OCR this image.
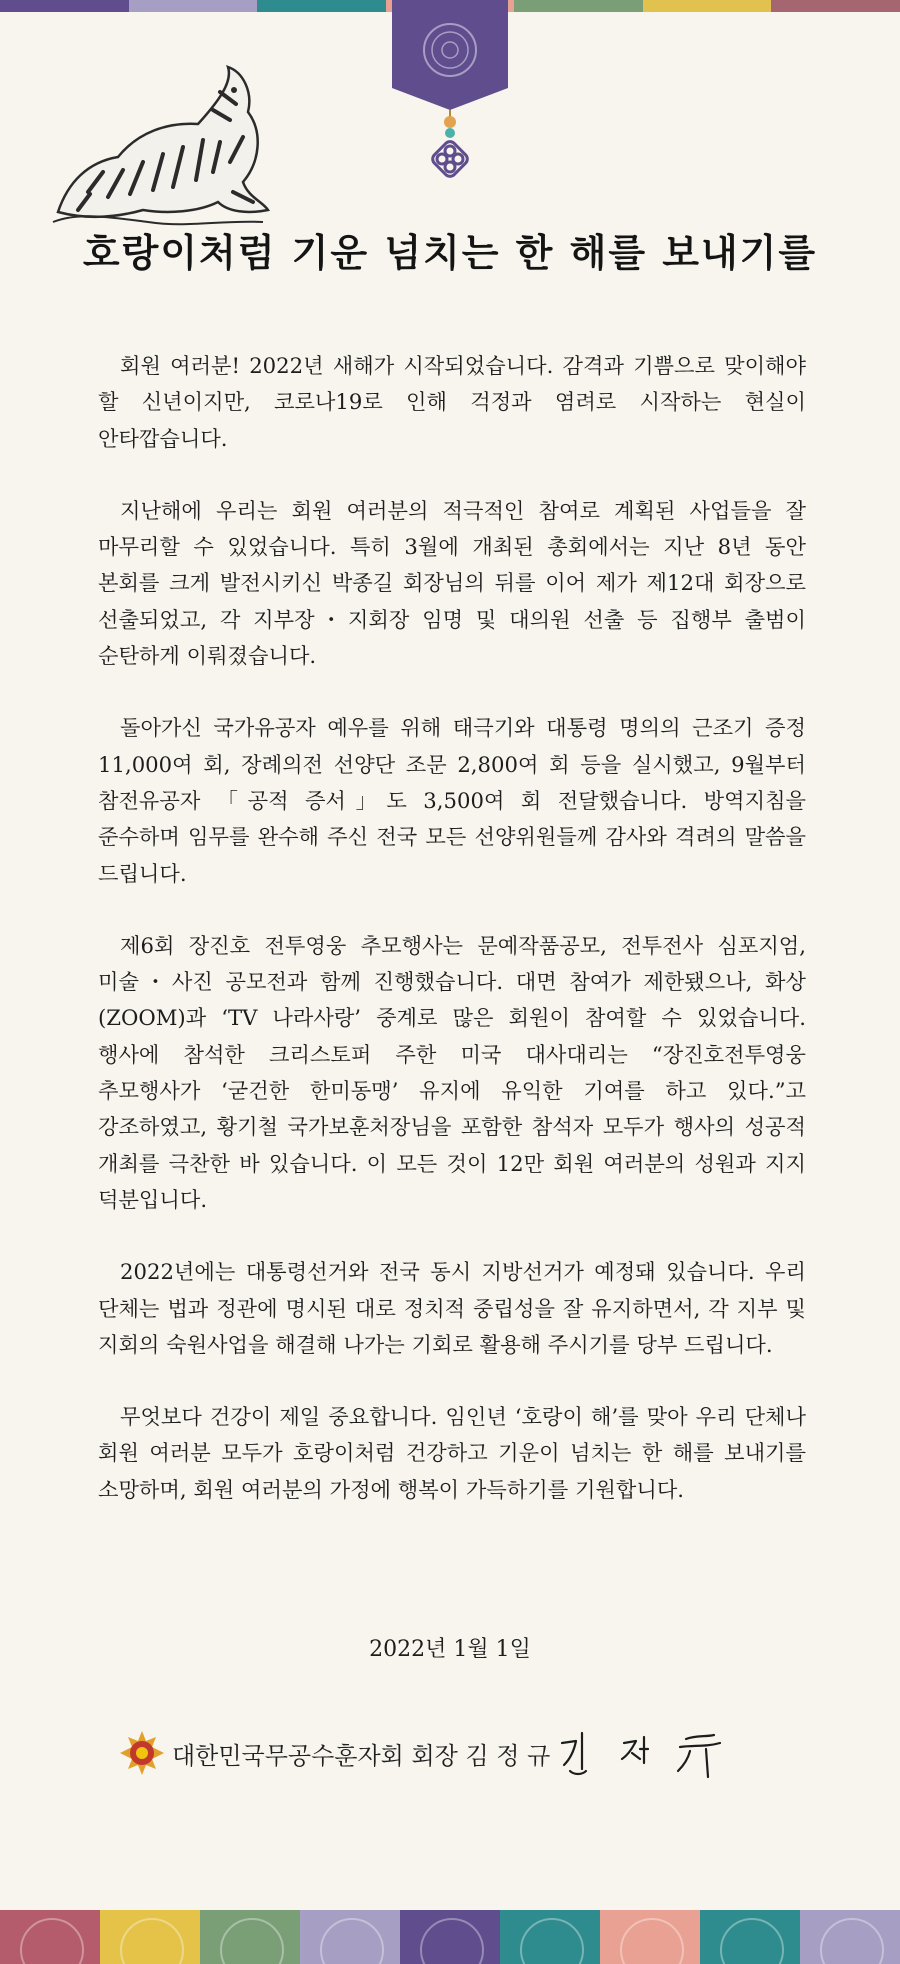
호랑이처럼 기운 넘치는 한 해를 보내기를

회원 여러분! 2022년 새해가 시작되었습니다. 감격과 기쁨으로 맞이해야 할 신년이지만, 코로나19로 인해 걱정과 염려로 시작하는 현실이 안타깝습니다.

지난해에 우리는 회원 여러분의 적극적인 참여로 계획된 사업들을 잘 마무리할 수 있었습니다. 특히 3월에 개최된 총회에서는 지난 8년 동안 본회를 크게 발전시키신 박종길 회장님의 뒤를 이어 제가 제12대 회장으로 선출되었고, 각 지부장・지회장 임명 및 대의원 선출 등 집행부 출범이 순탄하게 이뤄졌습니다.

돌아가신 국가유공자 예우를 위해 태극기와 대통령 명의의 근조기 증정 11,000여 회, 장례의전 선양단 조문 2,800여 회 등을 실시했고, 9월부터 참전유공자 「공적 증서」도 3,500여 회 전달했습니다. 방역지침을 준수하며 임무를 완수해 주신 전국 모든 선양위원들께 감사와 격려의 말씀을 드립니다.

제6회 장진호 전투영웅 추모행사는 문예작품공모, 전투전사 심포지엄, 미술・사진 공모전과 함께 진행했습니다. 대면 참여가 제한됐으나, 화상(ZOOM)과 ‘TV 나라사랑’ 중계로 많은 회원이 참여할 수 있었습니다. 행사에 참석한 크리스토퍼 주한 미국 대사대리는 “장진호전투영웅 추모행사가 ‘굳건한 한미동맹’ 유지에 유익한 기여를 하고 있다.”고 강조하였고, 황기철 국가보훈처장님을 포함한 참석자 모두가 행사의 성공적 개최를 극찬한 바 있습니다. 이 모든 것이 12만 회원 여러분의 성원과 지지 덕분입니다.

2022년에는 대통령선거와 전국 동시 지방선거가 예정돼 있습니다. 우리 단체는 법과 정관에 명시된 대로 정치적 중립성을 잘 유지하면서, 각 지부 및 지회의 숙원사업을 해결해 나가는 기회로 활용해 주시기를 당부 드립니다.

무엇보다 건강이 제일 중요합니다. 임인년 ‘호랑이 해’를 맞아 우리 단체나 회원 여러분 모두가 호랑이처럼 건강하고 기운이 넘치는 한 해를 보내기를 소망하며, 회원 여러분의 가정에 행복이 가득하기를 기원합니다.

2022년 1월 1일
대한민국무공수훈자회 회장 김 정 규
